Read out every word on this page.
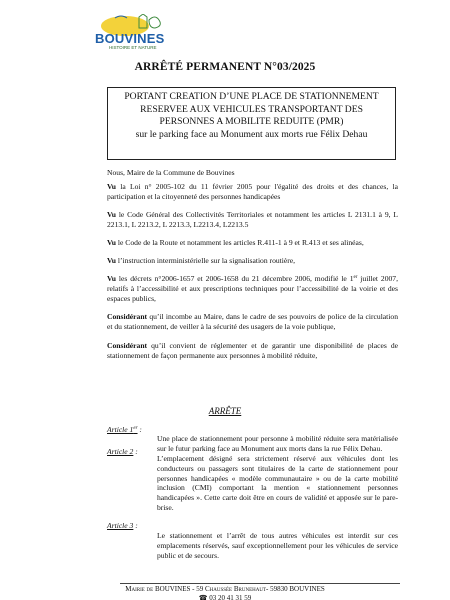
BOUVINES
HISTOIRE ET NATURE
ARRÊTÉ PERMANENT N°03/2025
PORTANT CREATION D’UNE PLACE DE STATIONNEMENT
RESERVEE AUX VEHICULES TRANSPORTANT DES
PERSONNES A MOBILITE REDUITE (PMR)
sur le parking face au Monument aux morts rue Félix Dehau
Nous, Maire de la Commune de Bouvines
Vu la Loi n° 2005-102 du 11 février 2005 pour l'égalité des droits et des chances, la participation et la citoyenneté des personnes handicapées
Vu le Code Général des Collectivités Territoriales et notamment les articles L 2131.1 à 9, L 2213.1, L 2213.2, L 2213.3, L2213.4, L2213.5
Vu le Code de la Route et notamment les articles R.411-1 à 9 et R.413 et ses alinéas,
Vu l’instruction interministérielle sur la signalisation routière,
Vu les décrets n°2006-1657 et 2006-1658 du 21 décembre 2006, modifié le 1er juillet 2007, relatifs à l’accessibilité et aux prescriptions techniques pour l’accessibilité de la voirie et des espaces publics,
Considérant qu’il incombe au Maire, dans le cadre de ses pouvoirs de police de la circulation et du stationnement, de veiller à la sécurité des usagers de la voie publique,
Considérant qu’il convient de réglementer et de garantir une disponibilité de places de stationnement de façon permanente aux personnes à mobilité réduite,
ARRÊTE
Article 1er :
Une place de stationnement pour personne à mobilité réduite sera matérialisée sur le futur parking face au Monument aux morts dans la rue Félix Dehau.
Article 2 :
L’emplacement désigné sera strictement réservé aux véhicules dont les conducteurs ou passagers sont titulaires de la carte de stationnement pour personnes handicapées « modèle communautaire » ou de la carte mobilité inclusion (CMI) comportant la mention « stationnement personnes handicapées ». Cette carte doit être en cours de validité et apposée sur le pare-brise.
Article 3 :
Le stationnement et l’arrêt de tous autres véhicules est interdit sur ces emplacements réservés, sauf exceptionnellement pour les véhicules de service public et de secours.
Mairie de BOUVINES - 59 Chaussée Brunehaut- 59830 BOUVINES
☎ 03 20 41 31 59
